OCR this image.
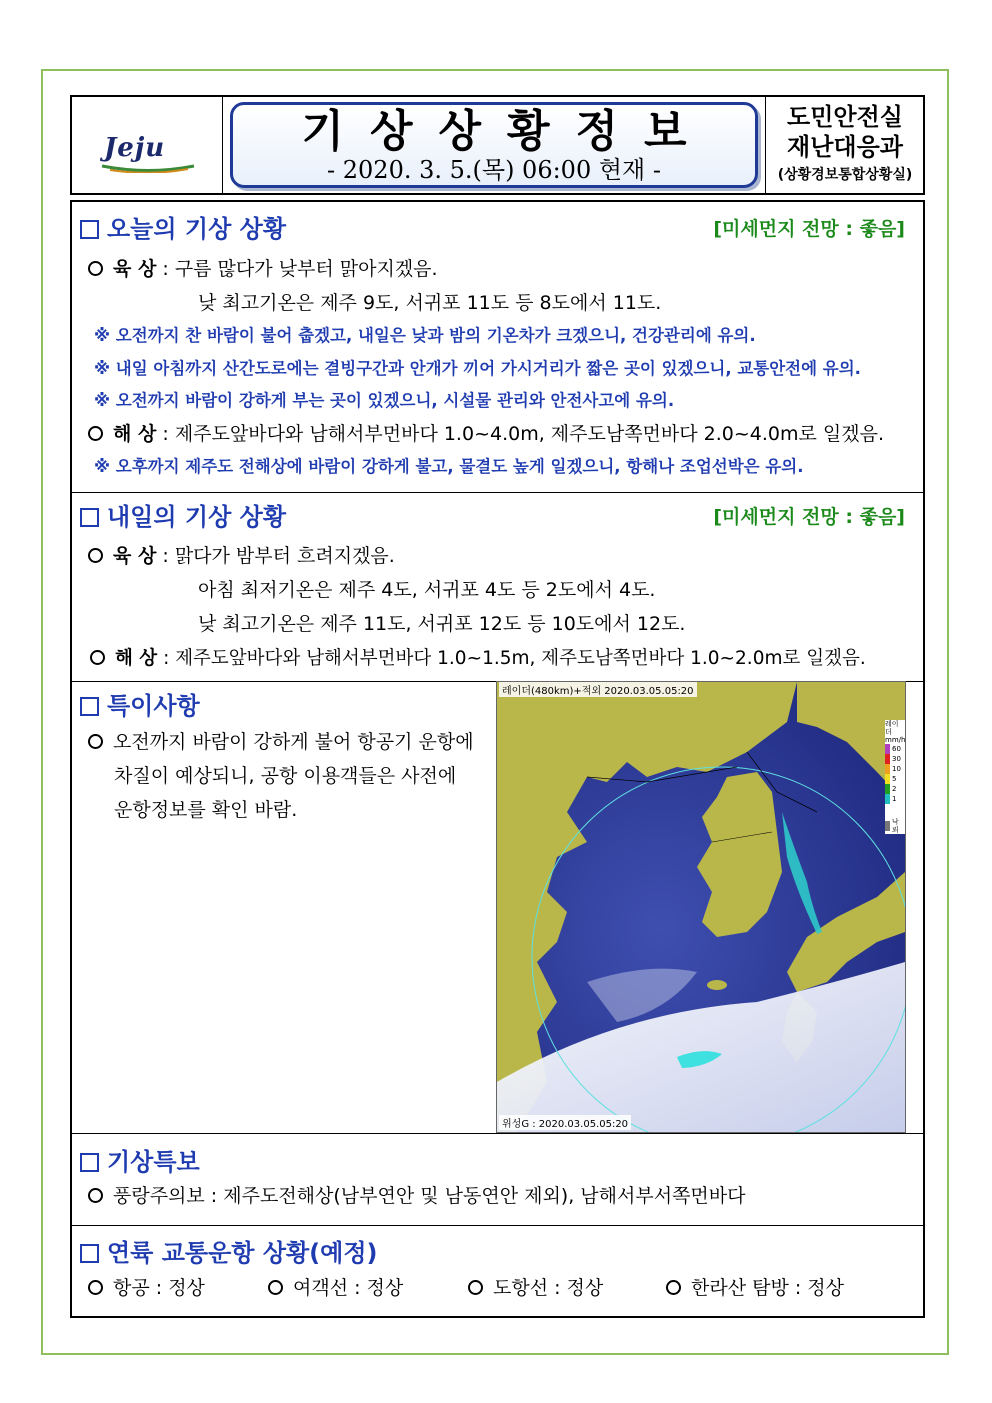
Jeju	기상상황정보
- 2020. 3. 5.(목) 06:00 현재 -
도민안전실
재난대응과
(상황경보통합상황실)
오늘의 기상 상황	[미세먼지 전망 : 좋음]
육 상 : 구름 많다가 낮부터 맑아지겠음.
낮 최고기온은 제주 9도, 서귀포 11도 등 8도에서 11도.
※ 오전까지 찬 바람이 불어 춥겠고, 내일은 낮과 밤의 기온차가 크겠으니, 건강관리에 유의.
※ 내일 아침까지 산간도로에는 결빙구간과 안개가 끼어 가시거리가 짧은 곳이 있겠으니, 교통안전에 유의.
※ 오전까지 바람이 강하게 부는 곳이 있겠으니, 시설물 관리와 안전사고에 유의.
해 상 : 제주도앞바다와 남해서부먼바다 1.0~4.0m, 제주도남쪽먼바다 2.0~4.0m로 일겠음.
※ 오후까지 제주도 전해상에 바람이 강하게 불고, 물결도 높게 일겠으니, 항해나 조업선박은 유의.
내일의 기상 상황	[미세먼지 전망 : 좋음]
육 상 : 맑다가 밤부터 흐려지겠음.
아침 최저기온은 제주 4도, 서귀포 4도 등 2도에서 4도.
낮 최고기온은 제주 11도, 서귀포 12도 등 10도에서 12도.
해 상 : 제주도앞바다와 남해서부먼바다 1.0~1.5m, 제주도남쪽먼바다 1.0~2.0m로 일겠음.
특이사항
오전까지 바람이 강하게 불어 항공기 운항에
차질이 예상되니, 공항 이용객들은 사전에
운항정보를 확인 바람.
레이더(480km)+적외 2020.03.05.05:20
위성G : 2020.03.05.05:20
레이더
mm/h
60
30
10
5
2
1
낙뢰
기상특보
풍랑주의보 : 제주도전해상(남부연안 및 남동연안 제외), 남해서부서쪽먼바다
연륙 교통운항 상황(예정)
항공 : 정상	여객선 : 정상	도항선 : 정상	한라산 탐방 : 정상
